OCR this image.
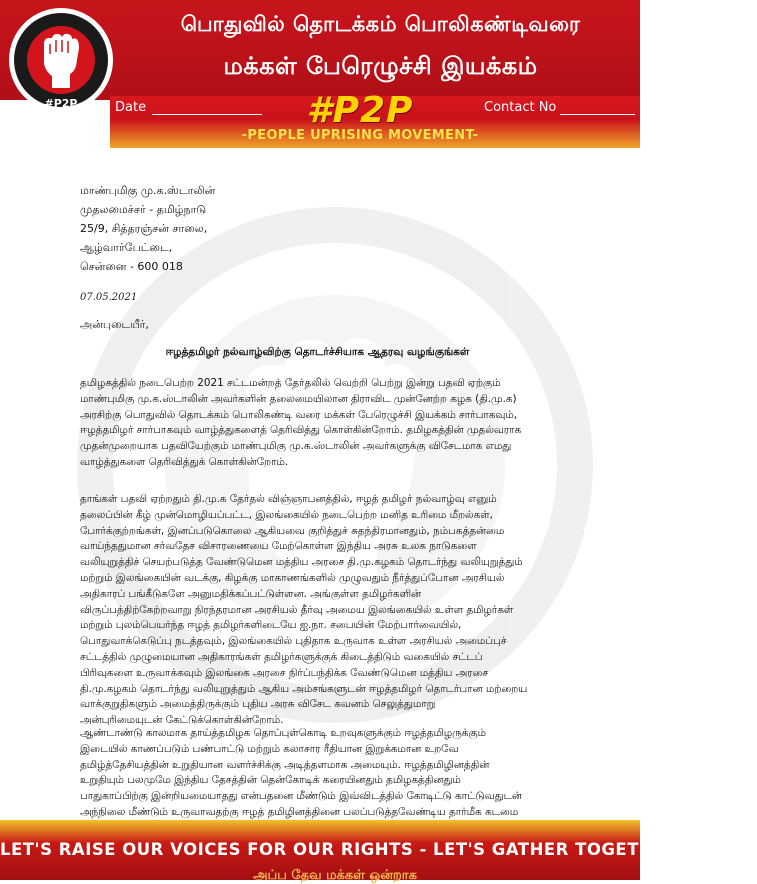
பொதுவில் தொடக்கம் பொலிகண்டிவரை
மக்கள் பேரெழுச்சி இயக்கம்
Date	#P2P	Contact No
-PEOPLE UPRISING MOVEMENT-
#P2P
மாண்புமிகு மு.க.ஸ்டாலின்
முதலமைச்சர் - தமிழ்நாடு
25/9, சித்தரஞ்சன் சாலை,
ஆழ்வார்பேட்டை,
சென்னை - 600 018
07.05.2021
அன்புடையீர்,
ஈழத்தமிழர் நல்வாழ்விற்கு தொடர்ச்சியாக ஆதரவு வழங்குங்கள்
தமிழகத்தில் நடைபெற்ற 2021 சட்டமன்றத் தேர்தலில் வெற்றி பெற்று இன்று பதவி ஏற்கும்
மாண்புமிகு மு.க.ஸ்டாலின் அவர்களின் தலைமையிலான திராவிட முன்னேற்ற கழக (தி.மு.க)
அரசிற்கு பொதுவில் தொடக்கம் பொலிகண்டி வரை மக்கள் பேரெழுச்சி இயக்கம் சார்பாகவும்,
ஈழத்தமிழர் சார்பாகவும் வாழ்த்துகளைத் தெரிவித்து கொள்கின்றோம். தமிழகத்தின் முதல்வராக
முதன்முறையாக பதவியேற்கும் மாண்புமிகு மு.க.ஸ்டாலின் அவர்களுக்கு விசேடமாக எமது
வாழ்த்துகளை தெரிவித்துக் கொள்கின்றோம்.
தாங்கள் பதவி ஏற்றதும் தி.மு.க தேர்தல் விஞ்ஞாபனத்தில், ஈழத் தமிழர் நல்வாழ்வு எனும்
தலைப்பின் கீழ் முன்மொழியப்பட்ட, இலங்கையில் நடைபெற்ற மனித உரிமை மீறல்கள்,
போர்க்குற்றங்கள், இனப்படுகொலை ஆகியவை குறித்துச் சுதந்திரமானதும், நம்பகத்தன்மை
வாய்ந்ததுமான சர்வதேச விசாரணையை மேற்கொள்ள இந்திய அரசு உலக நாடுகளை
வலியுறுத்திச் செயற்படுத்த வேண்டுமென மத்திய அரசை தி.மு.கழகம் தொடர்ந்து வலியுறுத்தும்
மற்றும் இலங்கையின் வடக்கு, கிழக்கு மாகாணங்களில் முழுவதும் நீர்த்துப்போன அரசியல்
அதிகாரப் பங்கீடுகளே அனுமதிக்கப்பட்டுள்ளன. அங்குள்ள தமிழர்களின்
விருப்பத்திற்கேற்றவாறு நிரந்தரமான அரசியல் தீர்வு அமைய இலங்கையில் உள்ள தமிழர்கள்
மற்றும் புலம்பெயர்ந்த ஈழத் தமிழர்களிடையே ஐ.நா. சபையின் மேற்பார்வையில்,
பொதுவாக்கெடுப்பு நடத்தவும், இலங்கையில் புதிதாக உருவாக உள்ள அரசியல் அமைப்புச்
சட்டத்தில் முழுமையான அதிகாரங்கள் தமிழர்களுக்குக் கிடைத்திடும் வகையில் சட்டப்
பிரிவுகளை உருவாக்கவும் இலங்கை அரசை நிர்ப்பந்திக்க வேண்டுமென மத்திய அரசை
தி.மு.கழகம் தொடர்ந்து வலியுறுத்தும் ஆகிய அம்சங்களுடன் ஈழத்தமிழர் தொடர்பான மற்றைய
வாக்குறுதிகளும் அமைத்திருக்கும் புதிய அரசு விசேட கவனம் செலுத்துமாறு
அன்புரிமையுடன் கேட்டுக்கொள்கின்றோம்.
ஆண்டாண்டு காலமாக தாய்த்தமிழக தொப்புள்கொடி உறவுகளுக்கும் ஈழத்தமிழருக்கும்
இடையில் காணப்படும் பண்பாட்டு மற்றும் கலாசார ரீதியான இறுக்கமான உறவே
தமிழ்த்தேசியத்தின் உறுதியான வளர்ச்சிக்கு அடித்தளமாக அமையும். ஈழத்தமிழினத்தின்
உறுதியும் பலமுமே இந்திய தேசத்தின் தென்கோடிக் கரையினதும் தமிழகத்தினதும்
பாதுகாப்பிற்கு இன்றியமையாதது என்பதனை மீண்டும் இவ்விடத்தில் கோடிட்டு காட்டுவதுடன்
அந்நிலை மீண்டும் உருவாவதற்கு ஈழத் தமிழினத்தினை பலப்படுத்தவேண்டிய தார்மீக கடமை
LET'S RAISE OUR VOICES FOR OUR RIGHTS - LET'S GATHER TOGETHER AS ONE
அப்ப தேவ மக்கள் ஒன்றாக
